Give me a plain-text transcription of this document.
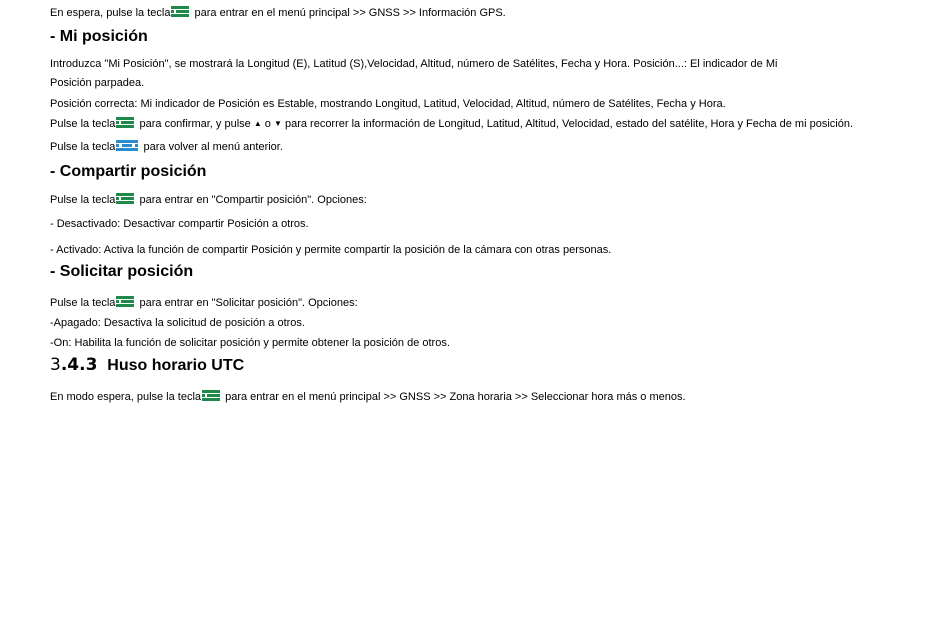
En espera, pulse la tecla
para entrar en el menú principal >> GNSS >> Información GPS.
- Mi posición
Introduzca "Mi Posición", se mostrará la Longitud (E), Latitud (S),Velocidad, Altitud, número de Satélites, Fecha y Hora. Posición...: El indicador de Mi
Posición parpadea.
Posición correcta: Mi indicador de Posición es Estable, mostrando Longitud, Latitud, Velocidad, Altitud, número de Satélites, Fecha y Hora.
Pulse la tecla
para confirmar, y pulse ▲ o ▼ para recorrer la información de Longitud, Latitud, Altitud, Velocidad, estado del satélite, Hora y Fecha de mi posición.
Pulse la tecla
para volver al menú anterior.
- Compartir posición
Pulse la tecla
para entrar en "Compartir posición". Opciones:
- Desactivado: Desactivar compartir Posición a otros.
- Activado: Activa la función de compartir Posición y permite compartir la posición de la cámara con otras personas.
- Solicitar posición
Pulse la tecla
para entrar en "Solicitar posición". Opciones:
-Apagado: Desactiva la solicitud de posición a otros.
-On: Habilita la función de solicitar posición y permite obtener la posición de otros.
3.4.3 Huso horario UTC
En modo espera, pulse la tecla
para entrar en el menú principal >> GNSS >> Zona horaria >> Seleccionar hora más o menos.
